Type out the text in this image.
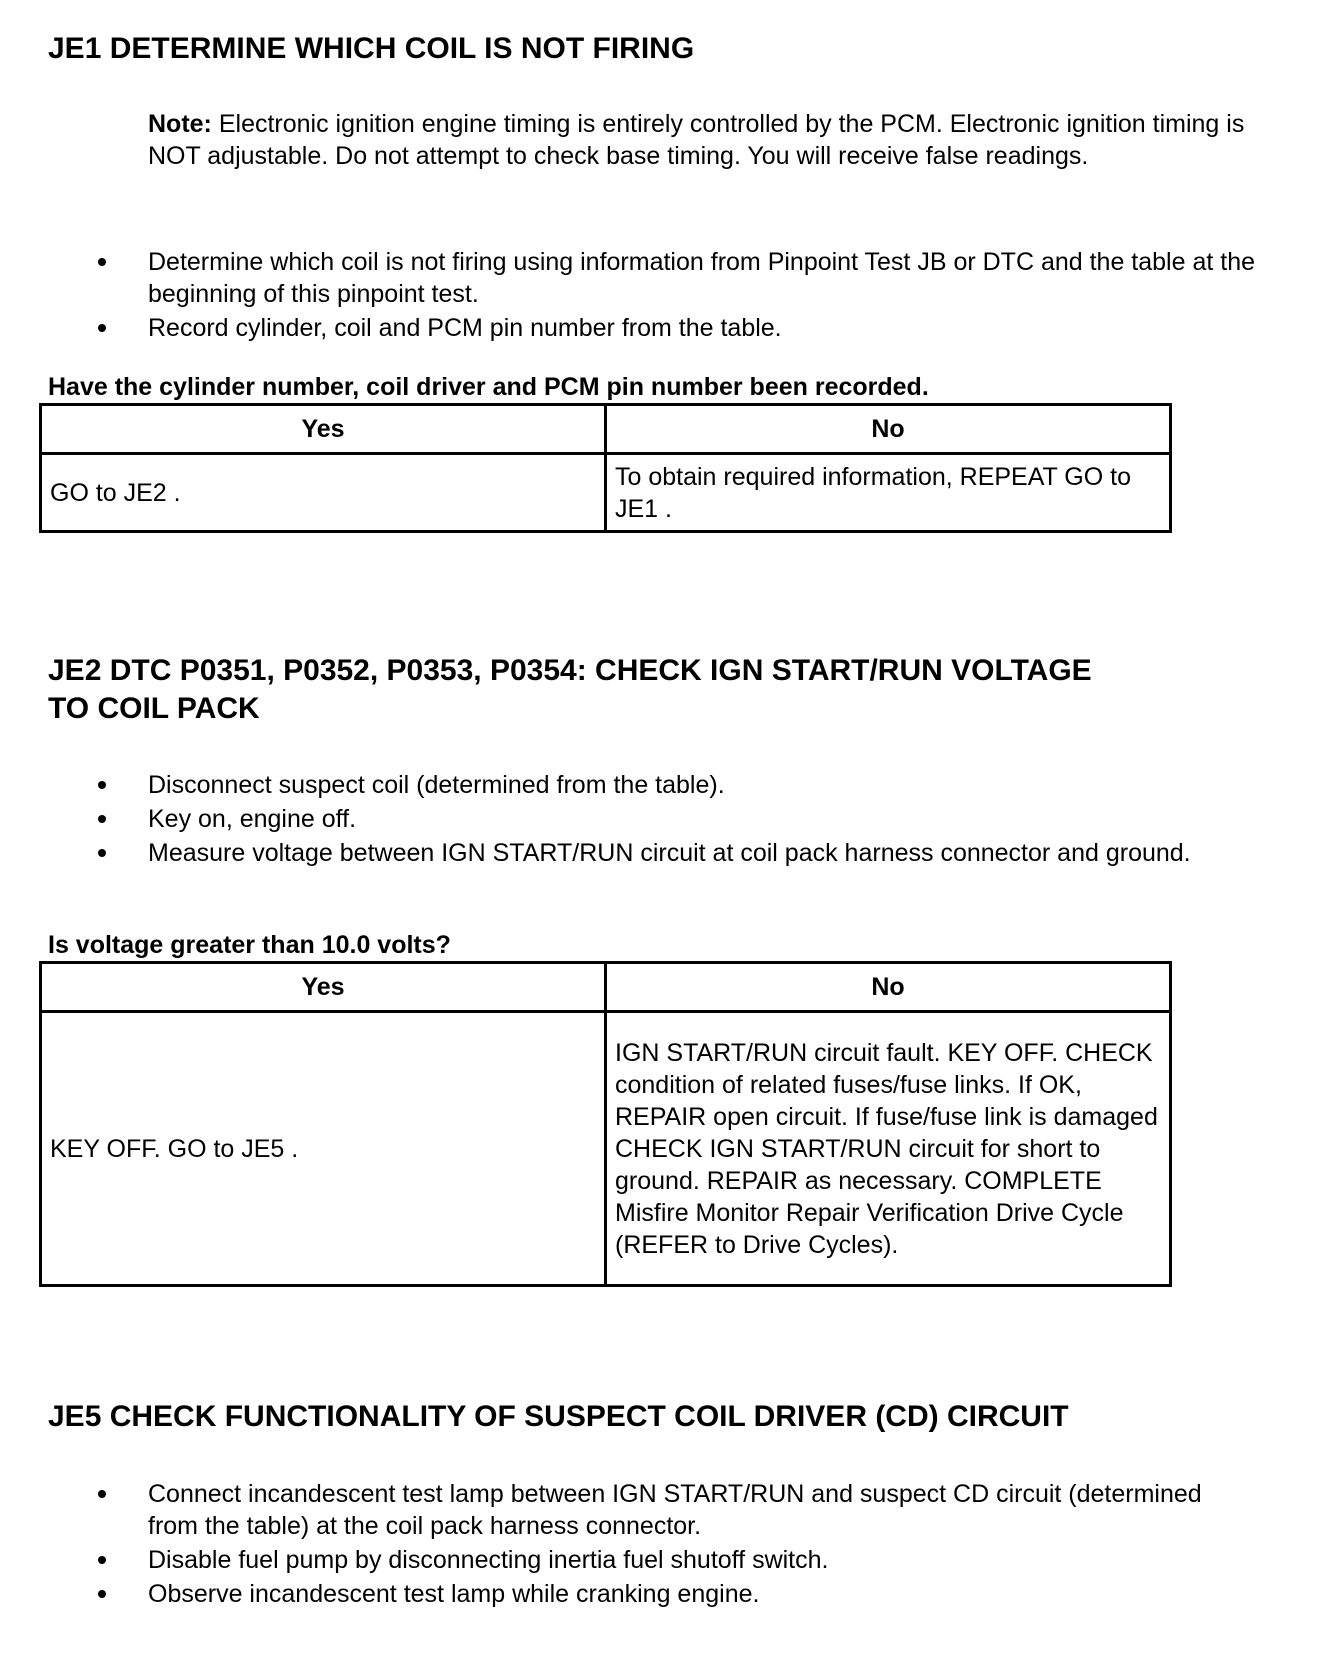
JE1 DETERMINE WHICH COIL IS NOT FIRING

Note: Electronic ignition engine timing is entirely controlled by the PCM. Electronic ignition timing is NOT adjustable. Do not attempt to check base timing. You will receive false readings.

Determine which coil is not firing using information from Pinpoint Test JB or DTC and the table at the beginning of this pinpoint test.
Record cylinder, coil and PCM pin number from the table.

Have the cylinder number, coil driver and PCM pin number been recorded.

Yes	No
GO to JE2 .	To obtain required information, REPEAT GO to JE1 .
JE2 DTC P0351, P0352, P0353, P0354: CHECK IGN START/RUN VOLTAGE
TO COIL PACK
Disconnect suspect coil (determined from the table).
Key on, engine off.
Measure voltage between IGN START/RUN circuit at coil pack harness connector and ground.

Is voltage greater than 10.0 volts?

Yes	No
KEY OFF. GO to JE5 .	IGN START/RUN circuit fault. KEY OFF. CHECK condition of related fuses/fuse links. If OK, REPAIR open circuit. If fuse/fuse link is damaged CHECK IGN START/RUN circuit for short to ground. REPAIR as necessary. COMPLETE Misfire Monitor Repair Verification Drive Cycle (REFER to Drive Cycles).
JE5 CHECK FUNCTIONALITY OF SUSPECT COIL DRIVER (CD) CIRCUIT
Connect incandescent test lamp between IGN START/RUN and suspect CD circuit (determined from the table) at the coil pack harness connector.
Disable fuel pump by disconnecting inertia fuel shutoff switch.
Observe incandescent test lamp while cranking engine.
